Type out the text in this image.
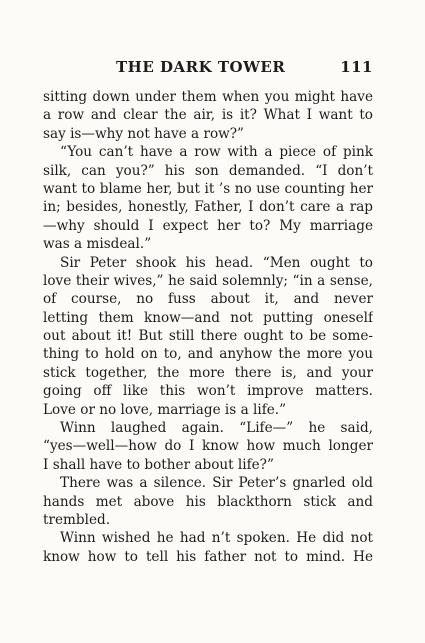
THE DARK TOWER	111
sitting down under them when you might have
a row and clear the air, is it? What I want to
say is—why not have a row?”
“You can’t have a row with a piece of pink
silk, can you?” his son demanded. “I don’t
want to blame her, but it ’s no use counting her
in; besides, honestly, Father, I don’t care a rap
—why should I expect her to? My marriage
was a misdeal.”
Sir Peter shook his head. “Men ought to
love their wives,” he said solemnly; “in a sense,
of course, no fuss about it, and never
letting them know—and not putting oneself
out about it! But still there ought to be some-
thing to hold on to, and anyhow the more you
stick together, the more there is, and your
going off like this won’t improve matters.
Love or no love, marriage is a life.”
Winn laughed again. “Life—” he said,
“yes—well—how do I know how much longer
I shall have to bother about life?”
There was a silence. Sir Peter’s gnarled old
hands met above his blackthorn stick and
trembled.
Winn wished he had n’t spoken. He did not
know how to tell his father not to mind. He
